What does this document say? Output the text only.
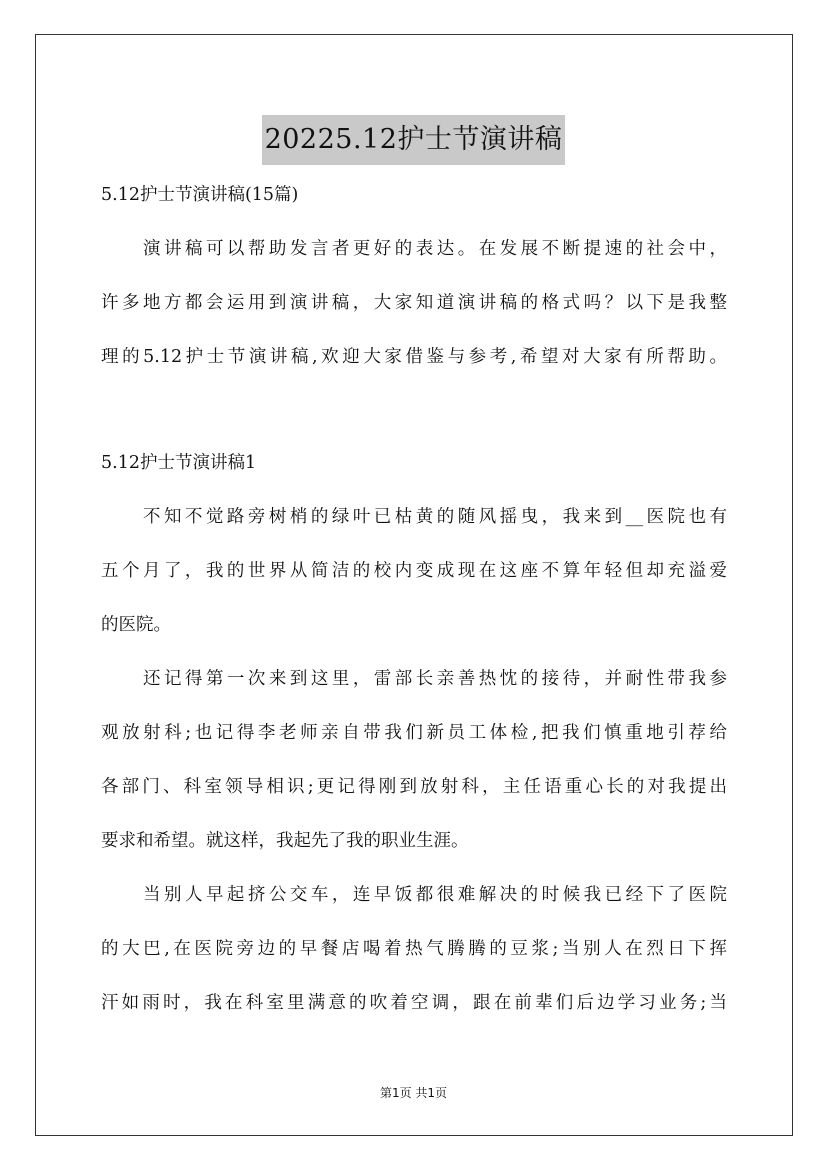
20225.12护士节演讲稿

5.12护士节演讲稿(15篇)

演讲稿可以帮助发言者更好的表达。在发展不断提速的社会中，
许多地方都会运用到演讲稿，大家知道演讲稿的格式吗？以下是我整
理的5.12护士节演讲稿,欢迎大家借鉴与参考,希望对大家有所帮助。

5.12护士节演讲稿1

不知不觉路旁树梢的绿叶已枯黄的随风摇曳，我来到__医院也有
五个月了，我的世界从简洁的校内变成现在这座不算年轻但却充溢爱
的医院。

还记得第一次来到这里，雷部长亲善热忱的接待，并耐性带我参
观放射科;也记得李老师亲自带我们新员工体检,把我们慎重地引荐给
各部门、科室领导相识;更记得刚到放射科，主任语重心长的对我提出
要求和希望。就这样，我起先了我的职业生涯。

当别人早起挤公交车，连早饭都很难解决的时候我已经下了医院
的大巴,在医院旁边的早餐店喝着热气腾腾的豆浆;当别人在烈日下挥
汗如雨时，我在科室里满意的吹着空调，跟在前辈们后边学习业务;当

第1页 共1页
